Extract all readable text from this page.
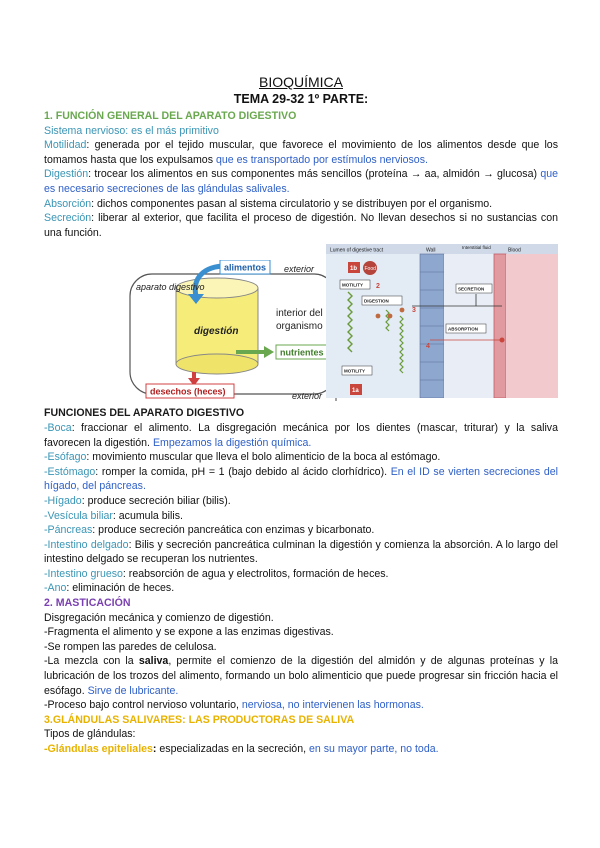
BIOQUÍMICA

TEMA 29-32 1º PARTE:

1. FUNCIÓN GENERAL DEL APARATO DIGESTIVO

Sistema nervioso: es el más primitivo

Motilidad: generada por el tejido muscular, que favorece el movimiento de los alimentos desde que los tomamos hasta que los expulsamos que es transportado por estímulos nerviosos.

Digestión: trocear los alimentos en sus componentes más sencillos (proteína → aa, almidón → glucosa) que es necesario secreciones de las glándulas salivales.

Absorción: dichos componentes pasan al sistema circulatorio y se distribuyen por el organismo.

Secreción: liberar al exterior, que facilita el proceso de digestión. No llevan desechos si no sustancias con una función.

exterior
alimentos
aparato digestivo
digestión
interior del organismo
nutrientes
desechos (heces)	exterior
Lumen of digestive tract	Wall	Interstitial fluid	Blood
Food
1b
MOTILITY 2
DIGESTION
3
SECRETION
ABSORPTION
4
MOTILITY
1a

FUNCIONES DEL APARATO DIGESTIVO

-Boca: fraccionar el alimento. La disgregación mecánica por los dientes (mascar, triturar) y la saliva favorecen la digestión. Empezamos la digestión química.

-Esófago: movimiento muscular que lleva el bolo alimenticio de la boca al estómago.

-Estómago: romper la comida, pH = 1 (bajo debido al ácido clorhídrico). En el ID se vierten secreciones del hígado, del páncreas.

-Hígado: produce secreción biliar (bilis).

-Vesícula biliar: acumula bilis.

-Páncreas: produce secreción pancreática con enzimas y bicarbonato.

-Intestino delgado: Bilis y secreción pancreática culminan la digestión y comienza la absorción. A lo largo del intestino delgado se recuperan los nutrientes.

-Intestino grueso: reabsorción de agua y electrolitos, formación de heces.

-Ano: eliminación de heces.

2. MASTICACIÓN

Disgregación mecánica y comienzo de digestión.

-Fragmenta el alimento y se expone a las enzimas digestivas.

-Se rompen las paredes de celulosa.

-La mezcla con la saliva, permite el comienzo de la digestión del almidón y de algunas proteínas y la lubricación de los trozos del alimento, formando un bolo alimenticio que puede progresar sin fricción hacia el esófago. Sirve de lubricante.

-Proceso bajo control nervioso voluntario, nerviosa, no intervienen las hormonas.

3.GLÁNDULAS SALIVARES: LAS PRODUCTORAS DE SALIVA

Tipos de glándulas:

-Glándulas epiteliales: especializadas en la secreción, en su mayor parte, no toda.
